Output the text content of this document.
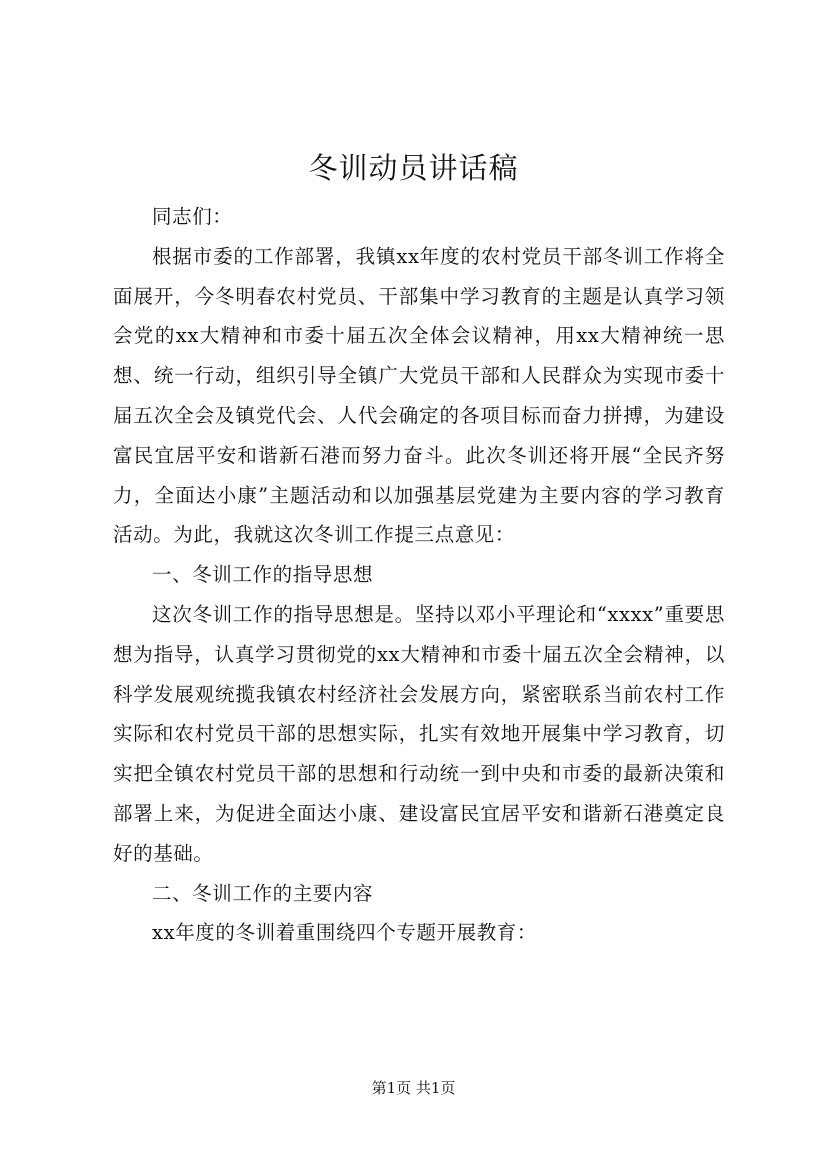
冬训动员讲话稿

同志们：

根据市委的工作部署，我镇xx年度的农村党员干部冬训工作将全面展开，今冬明春农村党员、干部集中学习教育的主题是认真学习领会党的xx大精神和市委十届五次全体会议精神，用xx大精神统一思想、统一行动，组织引导全镇广大党员干部和人民群众为实现市委十届五次全会及镇党代会、人代会确定的各项目标而奋力拼搏，为建设富民宜居平安和谐新石港而努力奋斗。此次冬训还将开展“全民齐努力，全面达小康”主题活动和以加强基层党建为主要内容的学习教育活动。为此，我就这次冬训工作提三点意见：

一、冬训工作的指导思想

这次冬训工作的指导思想是。坚持以邓小平理论和“xxxx”重要思想为指导，认真学习贯彻党的xx大精神和市委十届五次全会精神，以科学发展观统揽我镇农村经济社会发展方向，紧密联系当前农村工作实际和农村党员干部的思想实际，扎实有效地开展集中学习教育，切实把全镇农村党员干部的思想和行动统一到中央和市委的最新决策和部署上来，为促进全面达小康、建设富民宜居平安和谐新石港奠定良好的基础。

二、冬训工作的主要内容

xx年度的冬训着重围绕四个专题开展教育：

第1页 共1页
